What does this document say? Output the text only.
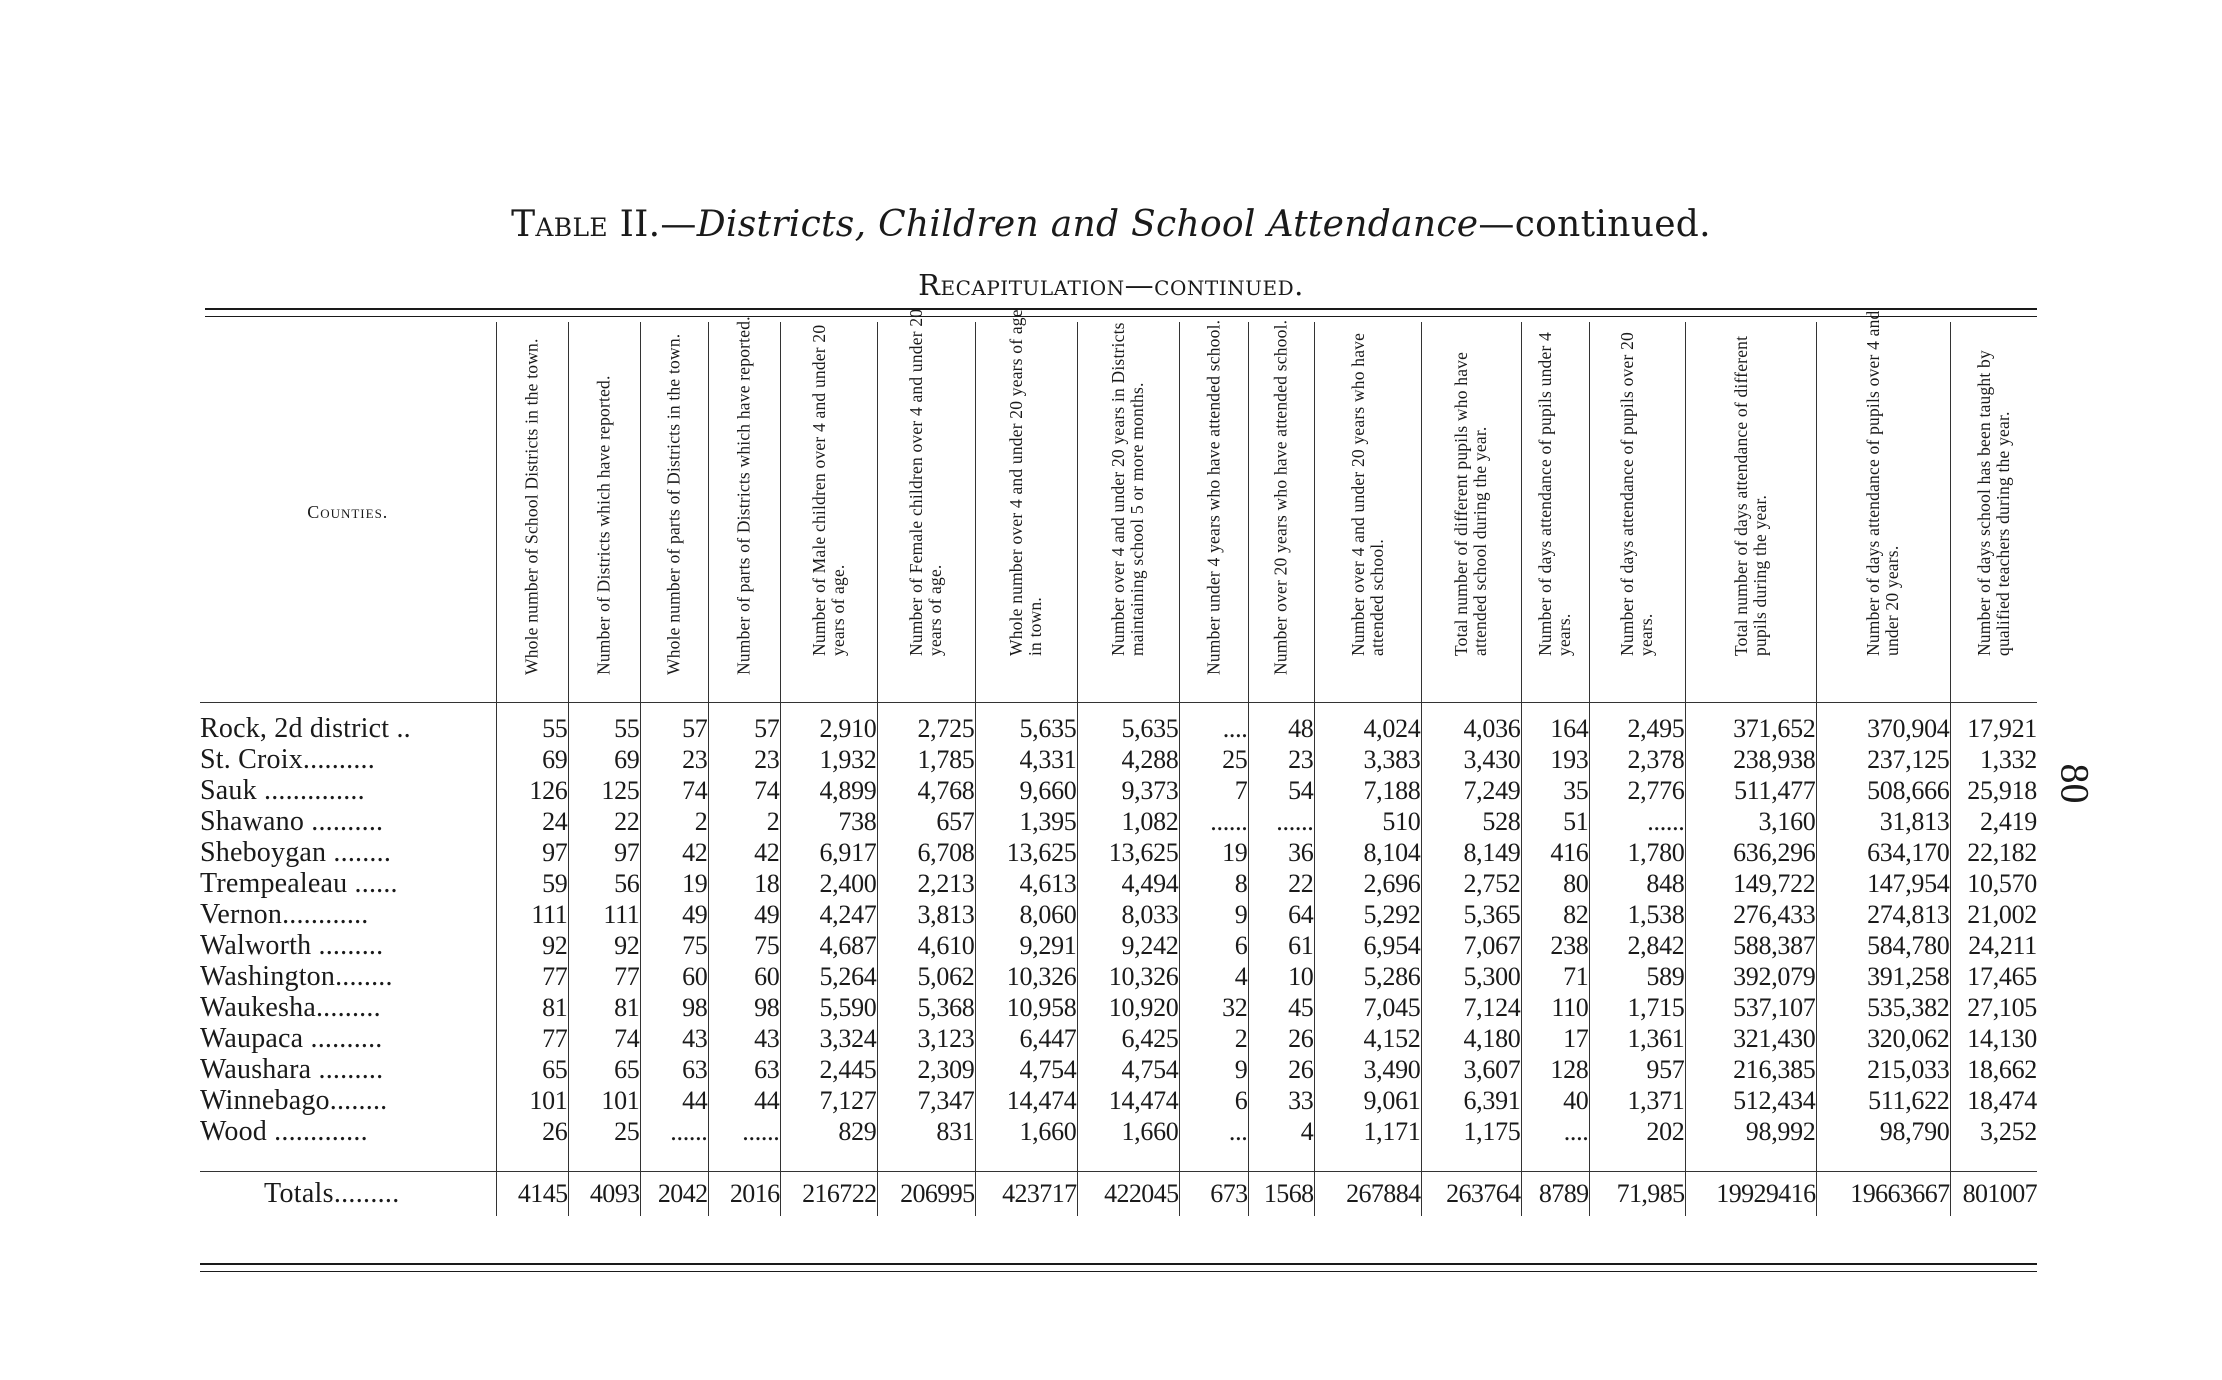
Table II.—Districts, Children and School Attendance—continued.
Recapitulation—continued.
Counties.	Whole number of School Districts in the town.	Number of Districts which have reported.	Whole number of parts of Districts in the town.	Number of parts of Districts which have reported.	Number of Male children over 4 and under 20 years of age.	Number of Female children over 4 and under 20 years of age.	Whole number over 4 and under 20 years of age in town.	Number over 4 and under 20 years in Districts maintaining school 5 or more months.	Number under 4 years who have attended school.	Number over 20 years who have attended school.	Number over 4 and under 20 years who have attended school.	Total number of different pupils who have attended school during the year.	Number of days attendance of pupils under 4 years.	Number of days attendance of pupils over 20 years.	Total number of days attendance of different pupils during the year.	Number of days attendance of pupils over 4 and under 20 years.	Number of days school has been taught by qualified teachers during the year.

Rock, 2d district ..	55	55	57	57	2,910	2,725	5,635	5,635	....	48	4,024	4,036	164	2,495	371,652	370,904	17,921
St. Croix..........	69	69	23	23	1,932	1,785	4,331	4,288	25	23	3,383	3,430	193	2,378	238,938	237,125	1,332
Sauk ..............	126	125	74	74	4,899	4,768	9,660	9,373	7	54	7,188	7,249	35	2,776	511,477	508,666	25,918
Shawano ..........	24	22	2	2	738	657	1,395	1,082	......	......	510	528	51	......	3,160	31,813	2,419
Sheboygan ........	97	97	42	42	6,917	6,708	13,625	13,625	19	36	8,104	8,149	416	1,780	636,296	634,170	22,182
Trempealeau ......	59	56	19	18	2,400	2,213	4,613	4,494	8	22	2,696	2,752	80	848	149,722	147,954	10,570
Vernon............	111	111	49	49	4,247	3,813	8,060	8,033	9	64	5,292	5,365	82	1,538	276,433	274,813	21,002
Walworth .........	92	92	75	75	4,687	4,610	9,291	9,242	6	61	6,954	7,067	238	2,842	588,387	584,780	24,211
Washington........	77	77	60	60	5,264	5,062	10,326	10,326	4	10	5,286	5,300	71	589	392,079	391,258	17,465
Waukesha.........	81	81	98	98	5,590	5,368	10,958	10,920	32	45	7,045	7,124	110	1,715	537,107	535,382	27,105
Waupaca ..........	77	74	43	43	3,324	3,123	6,447	6,425	2	26	4,152	4,180	17	1,361	321,430	320,062	14,130
Waushara .........	65	65	63	63	2,445	2,309	4,754	4,754	9	26	3,490	3,607	128	957	216,385	215,033	18,662
Winnebago........	101	101	44	44	7,127	7,347	14,474	14,474	6	33	9,061	6,391	40	1,371	512,434	511,622	18,474
Wood .............	26	25	......	......	829	831	1,660	1,660	...	4	1,171	1,175	....	202	98,992	98,790	3,252

Totals.........	4145	4093	2042	2016	216722	206995	423717	422045	673	1568	267884	263764	8789	71,985	19929416	19663667	801007
80
